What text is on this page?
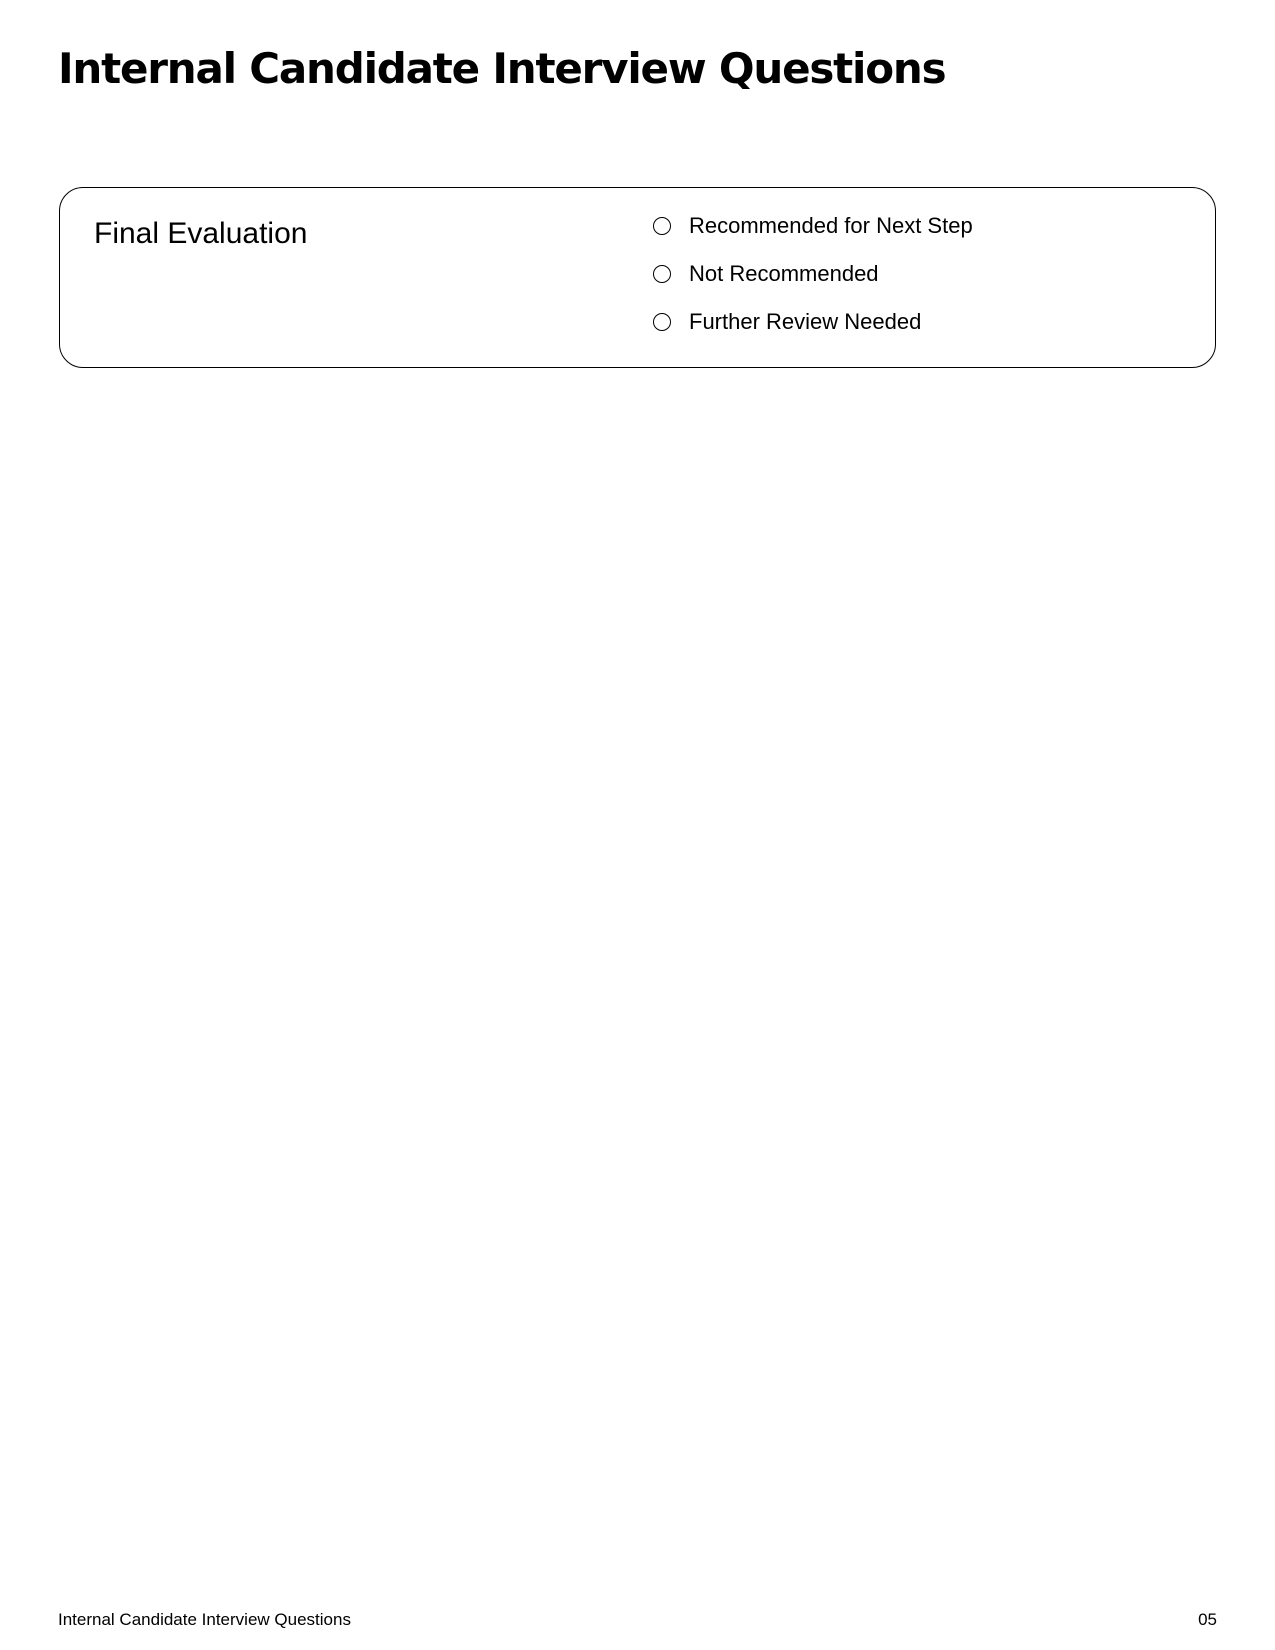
Internal Candidate Interview Questions
Final Evaluation	Recommended for Next Step
Not Recommended
Further Review Needed
Internal Candidate Interview Questions	05
